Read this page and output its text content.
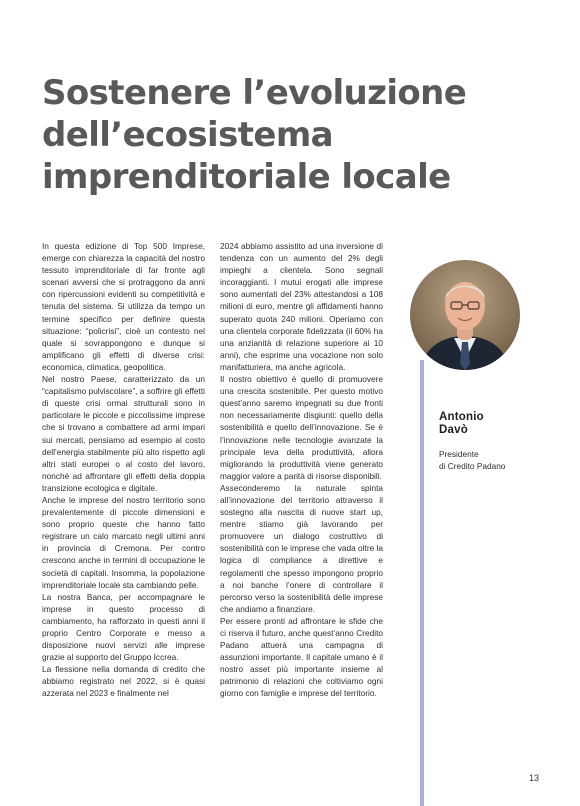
Sostenere l’evoluzione
dell’ecosistema
imprenditoriale locale

In questa edizione di Top 500 Imprese, emerge con chiarezza la capacità del nostro tessuto imprenditoriale di far fronte agli scenari avversi che si protraggono da anni con ripercussioni evidenti su competitività e tenuta del sistema. Si utilizza da tempo un termine specifico per definire questa situazione: “policrisi”, cioè un contesto nel quale si sovrappongono e dunque si amplificano gli effetti di diverse crisi: economica, climatica, geopolitica.

Nel nostro Paese, caratterizzato da un “capitalismo pulviscolare”, a soffrire gli effetti di queste crisi ormai strutturali sono in particolare le piccole e piccolissime imprese che si trovano a combattere ad armi impari sui mercati, pensiamo ad esempio al costo dell’energia stabilmente più alto rispetto agli altri stati europei o al costo del lavoro, nonché ad affrontare gli effetti della doppia transizione ecologica e digitale.

Anche le imprese del nostro territorio sono prevalentemente di piccole dimensioni e sono proprio queste che hanno fatto registrare un calo marcato negli ultimi anni in provincia di Cremona. Per contro crescono anche in termini di occupazione le società di capitali. Insomma, la popolazione imprenditoriale locale sta cambiando pelle.

La nostra Banca, per accompagnare le imprese in questo processo di cambiamento, ha rafforzato in questi anni il proprio Centro Corporate e messo a disposizione nuovi servizi alle imprese grazie al supporto del Gruppo Iccrea.

La flessione nella domanda di credito che abbiamo registrato nel 2022, si è quasi azzerata nel 2023 e finalmente nel

2024 abbiamo assistito ad una inversione di tendenza con un aumento del 2% degli impieghi a clientela. Sono segnali incoraggianti. I mutui erogati alle imprese sono aumentati del 23% attestandosi a 108 milioni di euro, mentre gli affidamenti hanno superato quota 240 milioni. Operiamo con una clientela corporate fidelizzata (il 60% ha una anzianità di relazione superiore ai 10 anni), che esprime una vocazione non solo manifatturiera, ma anche agricola.

Il nostro obiettivo è quello di promuovere una crescita sostenibile. Per questo motivo quest’anno saremo impegnati su due fronti non necessariamente disgiunti: quello della sostenibilità e quello dell’innovazione. Se è l’innovazione nelle tecnologie avanzate la principale leva della produttività, allora migliorando la produttività viene generato maggior valore a parità di risorse disponibili.

Asseconderemo la naturale spinta all’innovazione del territorio attraverso il sostegno alla nascita di nuove start up, mentre stiamo già lavorando per promuovere un dialogo costruttivo di sostenibilità con le imprese che vada oltre la logica di compliance a direttive e regolamenti che spesso impongono proprio a noi banche l’onere di controllare il percorso verso la sostenibilità delle imprese che andiamo a finanziare.

Per essere pronti ad affrontare le sfide che ci riserva il futuro, anche quest’anno Credito Padano attuerà una campagna di assunzioni importante. Il capitale umano è il nostro asset più importante insieme al patrimonio di relazioni che coltiviamo ogni giorno con famiglie e imprese del territorio.

Antonio
Davò
Presidente
di Credito Padano
13
